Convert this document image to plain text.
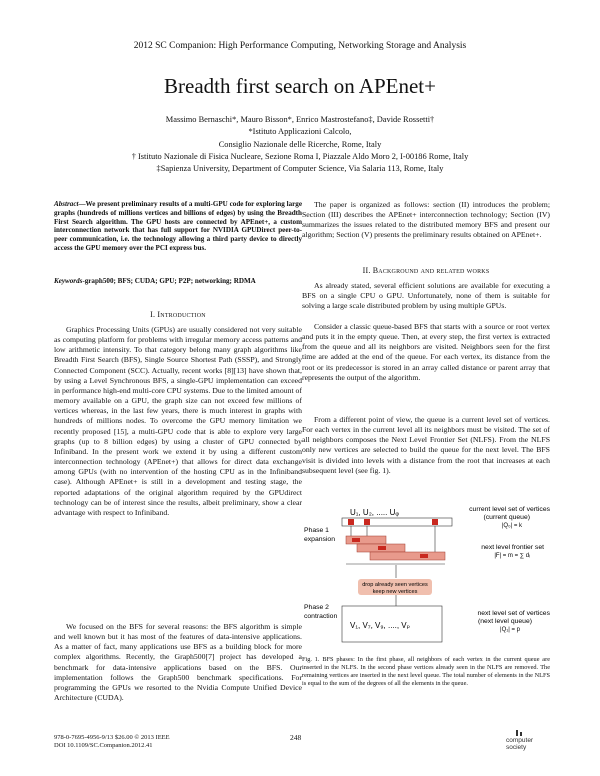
2012 SC Companion: High Performance Computing, Networking Storage and Analysis
Breadth first search on APEnet+
Massimo Bernaschi*, Mauro Bisson*, Enrico Mastrostefano‡, Davide Rossetti†
*Istituto Applicazioni Calcolo,
Consiglio Nazionale delle Ricerche, Rome, Italy
† Istituto Nazionale di Fisica Nucleare, Sezione Roma I, Piazzale Aldo Moro 2, I-00186 Rome, Italy
‡Sapienza University, Department of Computer Science, Via Salaria 113, Rome, Italy
Abstract—We present preliminary results of a multi-GPU code for exploring large graphs (hundreds of millions vertices and billions of edges) by using the Breadth First Search algorithm. The GPU hosts are connected by APEnet+, a custom interconnection network that has full support for NVIDIA GPUDirect peer-to-peer communication, i.e. the technology allowing a third party device to directly access the GPU memory over the PCI express bus.
Keywords-graph500; BFS; CUDA; GPU; P2P; networking; RDMA
I. Introduction

Graphics Processing Units (GPUs) are usually considered not very suitable as computing platform for problems with irregular memory access patterns and low arithmetic intensity. To that category belong many graph algorithms like Breadth First Search (BFS), Single Source Shortest Path (SSSP), and Strongly Connected Component (SCC). Actually, recent works [8][13] have shown that, by using a Level Synchronous BFS, a single-GPU implementation can exceed in performance high-end multi-core CPU systems. Due to the limited amount of memory available on a GPU, the graph size can not exceed few millions of vertices whereas, in the last few years, there is much interest in graphs with hundreds of millions nodes. To overcome the GPU memory limitation we recently proposed [15], a multi-GPU code that is able to explore very large graphs (up to 8 billion edges) by using a cluster of GPU connected by Infiniband. In the present work we extend it by using a different custom interconnection technology (APEnet+) that allows for direct data exchange among GPUs (with no intervention of the hosting CPU as in the Infiniband case). Although APEnet+ is still in a development and testing stage, the reported adaptations of the original algorithm required by the GPUdirect technology can be of interest since the results, albeit preliminary, show a clear advantage with respect to Infiniband.

We focused on the BFS for several reasons: the BFS algorithm is simple and well known but it has most of the features of data-intensive applications. As a matter of fact, many applications use BFS as a building block for more complex algorithms. Recently, the Graph500[7] project has developed a benchmark for data-intensive applications based on the BFS. Our implementation follows the Graph500 benchmark specifications. For programming the GPUs we resorted to the Nvidia Compute Unified Device Architecture (CUDA).

The paper is organized as follows: section (II) introduces the problem; Section (III) describes the APEnet+ interconnection technology; Section (IV) summarizes the issues related to the distributed memory BFS and present our algorithm; Section (V) presents the preliminary results obtained on APEnet+.

II. Background and related works

As already stated, several efficient solutions are available for executing a BFS on a single CPU o GPU. Unfortunately, none of them is suitable for solving a large scale distributed problem by using multiple GPUs.

Consider a classic queue-based BFS that starts with a source or root vertex and puts it in the empty queue. Then, at every step, the first vertex is extracted from the queue and all its neighbors are visited. Neighbors seen for the first time are added at the end of the queue. For each vertex, its distance from the root or its predecessor is stored in an array called distance or parent array that represents the output of the algorithm.

From a different point of view, the queue is a current level set of vertices. For each vertex in the current level all its neighbors must be visited. The set of all neighbors composes the Next Level Frontier Set (NLFS). From the NLFS only new vertices are selected to build the queue for the next level. The BFS visit is divided into levels with a distance from the root that increases at each subsequent level (see fig. 1).

Phase 1
expansion
Phase 2
contraction
U₁, U₂, ..... Uᵩ
drop already seen vertices
keep new vertices
V₁, V₇, V₉, ...., Vₚ
current level set of vertices
(current queue)
|Q₀| = k
next level frontier set
|F| = m = ∑ dᵢ
next level set of vertices
(next level queue)
|Q₁| = p
Fig. 1. BFS phases: In the first phase, all neighbors of each vertex in the current queue are inserted in the NLFS. In the second phase vertices already seen in the NLFS are removed. The remaining vertices are inserted in the next level queue. The total number of elements in the NLFS is equal to the sum of the degrees of all the elements in the queue.
978-0-7695-4956-9/13 $26.00 © 2013 IEEE
DOI 10.1109/SC.Companion.2012.41
248	computer society
